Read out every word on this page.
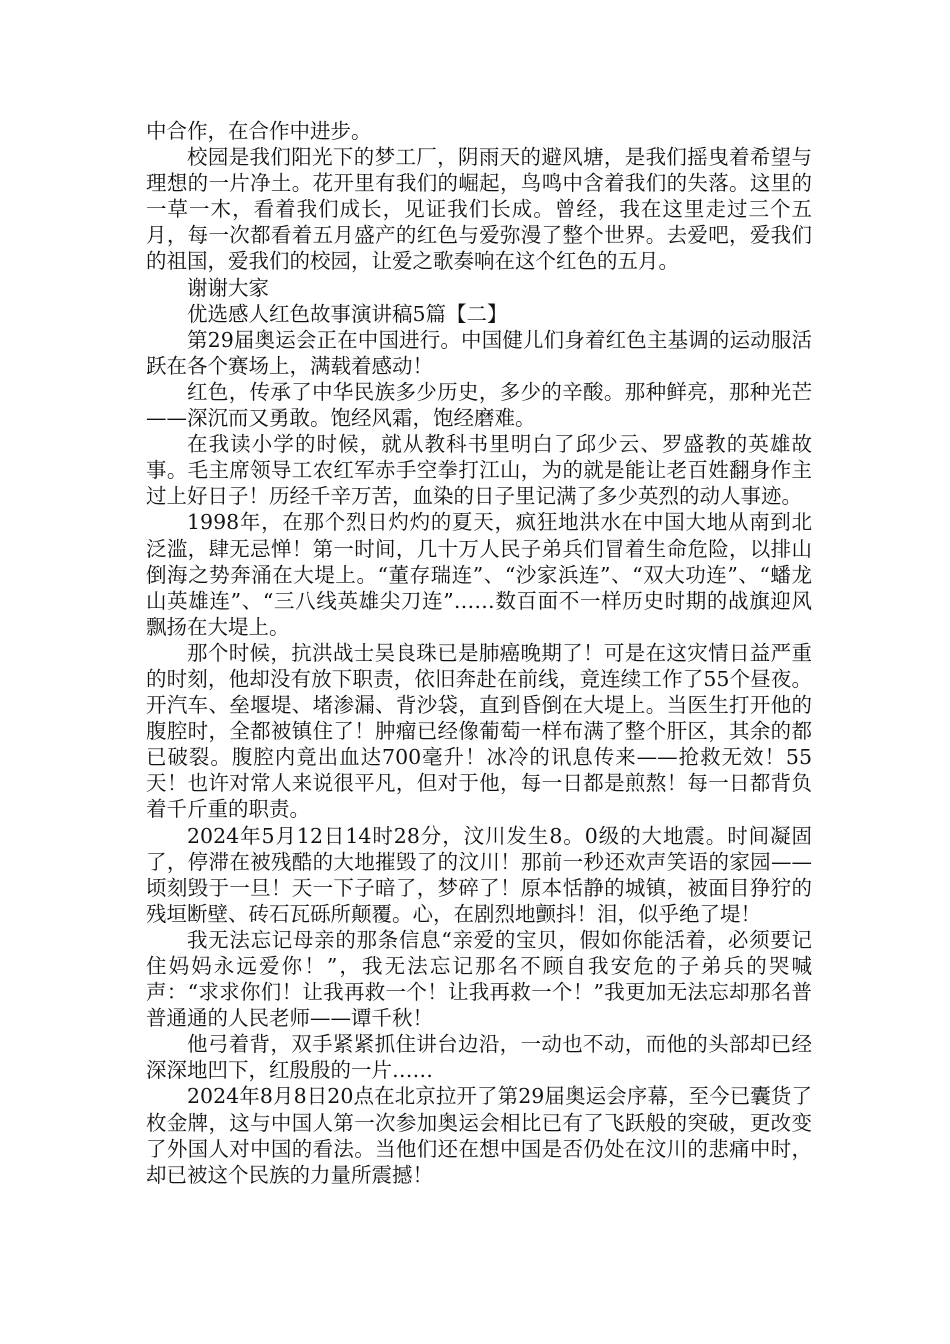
中合作，在合作中进步。

校园是我们阳光下的梦工厂，阴雨天的避风塘，是我们摇曳着希望与理想的一片净土。花开里有我们的崛起，鸟鸣中含着我们的失落。这里的一草一木，看着我们成长，见证我们长成。曾经，我在这里走过三个五月，每一次都看着五月盛产的红色与爱弥漫了整个世界。去爱吧，爱我们的祖国，爱我们的校园，让爱之歌奏响在这个红色的五月。

谢谢大家

优选感人红色故事演讲稿5篇【二】

第29届奥运会正在中国进行。中国健儿们身着红色主基调的运动服活跃在各个赛场上，满载着感动！

红色，传承了中华民族多少历史，多少的辛酸。那种鲜亮，那种光芒——深沉而又勇敢。饱经风霜，饱经磨难。

在我读小学的时候，就从教科书里明白了邱少云、罗盛教的英雄故事。毛主席领导工农红军赤手空拳打江山，为的就是能让老百姓翻身作主过上好日子！历经千辛万苦，血染的日子里记满了多少英烈的动人事迹。

1998年，在那个烈日灼灼的夏天，疯狂地洪水在中国大地从南到北泛滥，肆无忌惮！第一时间，几十万人民子弟兵们冒着生命危险，以排山倒海之势奔涌在大堤上。“董存瑞连”、“沙家浜连”、“双大功连”、“蟠龙山英雄连”、“三八线英雄尖刀连”……数百面不一样历史时期的战旗迎风飘扬在大堤上。

那个时候，抗洪战士吴良珠已是肺癌晚期了！可是在这灾情日益严重的时刻，他却没有放下职责，依旧奔赴在前线，竟连续工作了55个昼夜。开汽车、垒堰堤、堵渗漏、背沙袋，直到昏倒在大堤上。当医生打开他的腹腔时，全都被镇住了！肿瘤已经像葡萄一样布满了整个肝区，其余的都已破裂。腹腔内竟出血达700毫升！冰冷的讯息传来——抢救无效！55天！也许对常人来说很平凡，但对于他，每一日都是煎熬！每一日都背负着千斤重的职责。

2024年5月12日14时28分，汶川发生8。0级的大地震。时间凝固了，停滞在被残酷的大地摧毁了的汶川！那前一秒还欢声笑语的家园——顷刻毁于一旦！天一下子暗了，梦碎了！原本恬静的城镇，被面目狰狞的残垣断壁、砖石瓦砾所颠覆。心，在剧烈地颤抖！泪，似乎绝了堤！

我无法忘记母亲的那条信息“亲爱的宝贝，假如你能活着，必须要记住妈妈永远爱你！”，我无法忘记那名不顾自我安危的子弟兵的哭喊声：“求求你们！让我再救一个！让我再救一个！”我更加无法忘却那名普普通通的人民老师——谭千秋！

他弓着背，双手紧紧抓住讲台边沿，一动也不动，而他的头部却已经深深地凹下，红殷殷的一片……

2024年8月8日20点在北京拉开了第29届奥运会序幕，至今已囊货了枚金牌，这与中国人第一次参加奥运会相比已有了飞跃般的突破，更改变了外国人对中国的看法。当他们还在想中国是否仍处在汶川的悲痛中时，却已被这个民族的力量所震撼！
